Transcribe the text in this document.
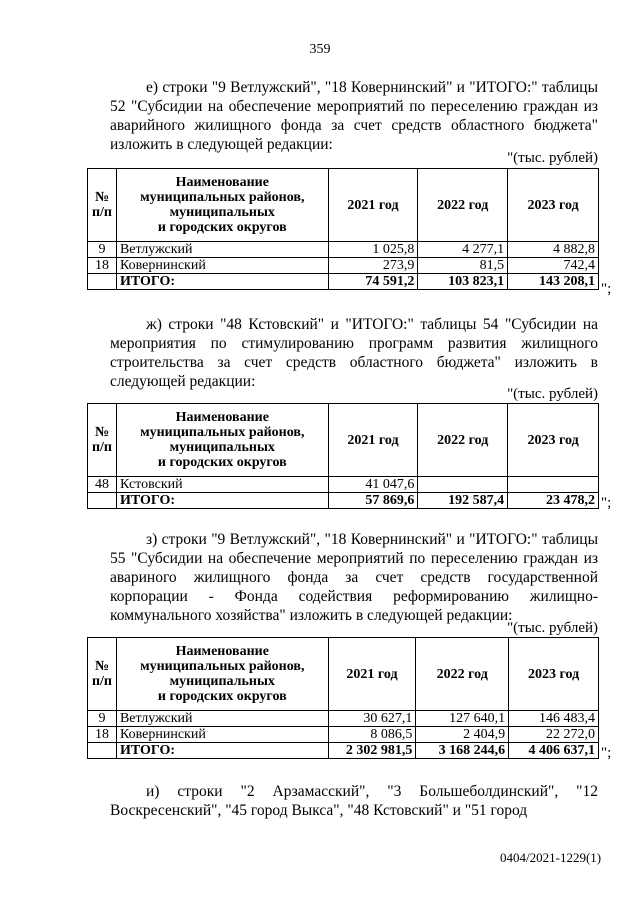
359
е) строки "9 Ветлужский", "18 Ковернинский" и "ИТОГО:" таблицы 52 "Субсидии на обеспечение мероприятий по переселению граждан из аварийного жилищного фонда за счет средств областного бюджета" изложить в следующей редакции:
"(тыс. рублей)
№
п/п	Наименование
муниципальных районов,
муниципальных
и городских округов	2021 год	2022 год	2023 год
9	Ветлужский	1 025,8	4 277,1	4 882,8
18	Ковернинский	273,9	81,5	742,4
	ИТОГО:	74 591,2	103 823,1	143 208,1 ";
ж) строки "48 Кстовский" и "ИТОГО:" таблицы 54 "Субсидии на мероприятия по стимулированию программ развития жилищного строительства за счет средств областного бюджета" изложить в следующей редакции:
"(тыс. рублей)
№
п/п	Наименование
муниципальных районов,
муниципальных
и городских округов	2021 год	2022 год	2023 год
48	Кстовский	41 047,6		
	ИТОГО:	57 869,6	192 587,4	23 478,2 ";
з) строки "9 Ветлужский", "18 Ковернинский" и "ИТОГО:" таблицы 55 "Субсидии на обеспечение мероприятий по переселению граждан из авариного жилищного фонда за счет средств государственной корпорации - Фонда содействия реформированию жилищно-коммунального хозяйства" изложить в следующей редакции:
"(тыс. рублей)
№
п/п	Наименование
муниципальных районов,
муниципальных
и городских округов	2021 год	2022 год	2023 год
9	Ветлужский	30 627,1	127 640,1	146 483,4
18	Ковернинский	8 086,5	2 404,9	22 272,0
	ИТОГО:	2 302 981,5	3 168 244,6	4 406 637,1 ";
и) строки "2 Арзамасский", "3 Большеболдинский", "12 Воскресенский", "45 город Выкса", "48 Кстовский" и "51 город
0404/2021-1229(1)
